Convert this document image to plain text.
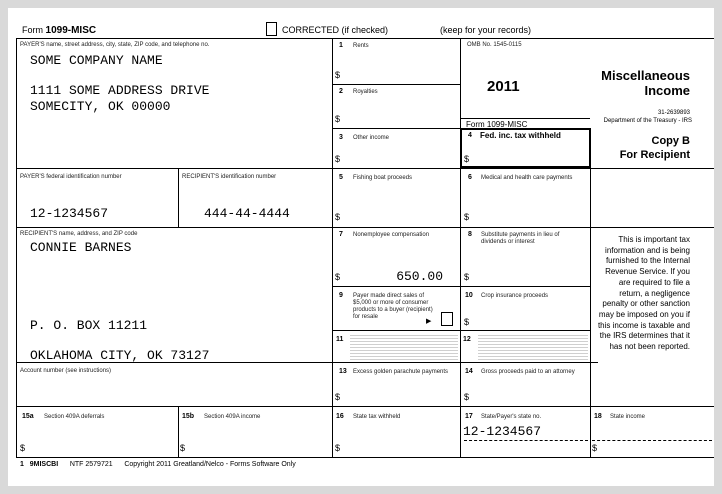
Form
1099-MISC	CORRECTED (if checked)	(keep for your records)
PAYER'S name, street address, city, state, ZIP code, and telephone no.
SOME COMPANY NAME
1111 SOME ADDRESS DRIVE
SOMECITY, OK 00000
1 Rents
$
2 Royalties
$
3 Other income
$
OMB No. 1545-0115
2011
Form 1099-MISC
4 Fed. inc. tax withheld
$
Miscellaneous
Income
31-2639893
Department of the Treasury - IRS
Copy B
For Recipient
PAYER'S federal identification number
12-1234567
RECIPIENT'S identification number
444-44-4444
5 Fishing boat proceeds
$
6 Medical and health care payments
$
RECIPIENT'S name, address, and ZIP code
CONNIE BARNES
P. O. BOX 11211
OKLAHOMA CITY, OK 73127
7 Nonemployee compensation
$	650.00
8 Substitute payments in lieu of dividends or interest
$
9 Payer made direct sales of $5,000 or more of consumer products to a buyer (recipient) for resale
▶
10 Crop insurance proceeds
$
11	12
This is important tax information and is being furnished to the Internal Revenue Service. If you are required to file a return, a negligence penalty or other sanction may be imposed on you if this income is taxable and the IRS determines that it has not been reported.
Account number (see instructions)	13 Excess golden parachute payments
$
14 Gross proceeds paid to an attorney
$
15a Section 409A deferrals
$
15b Section 409A income
$
16 State tax withheld
$
17 State/Payer's state no.
12-1234567
18 State income
$
1 9MISCBI NTF 2579721 Copyright 2011 Greatland/Nelco - Forms Software Only
